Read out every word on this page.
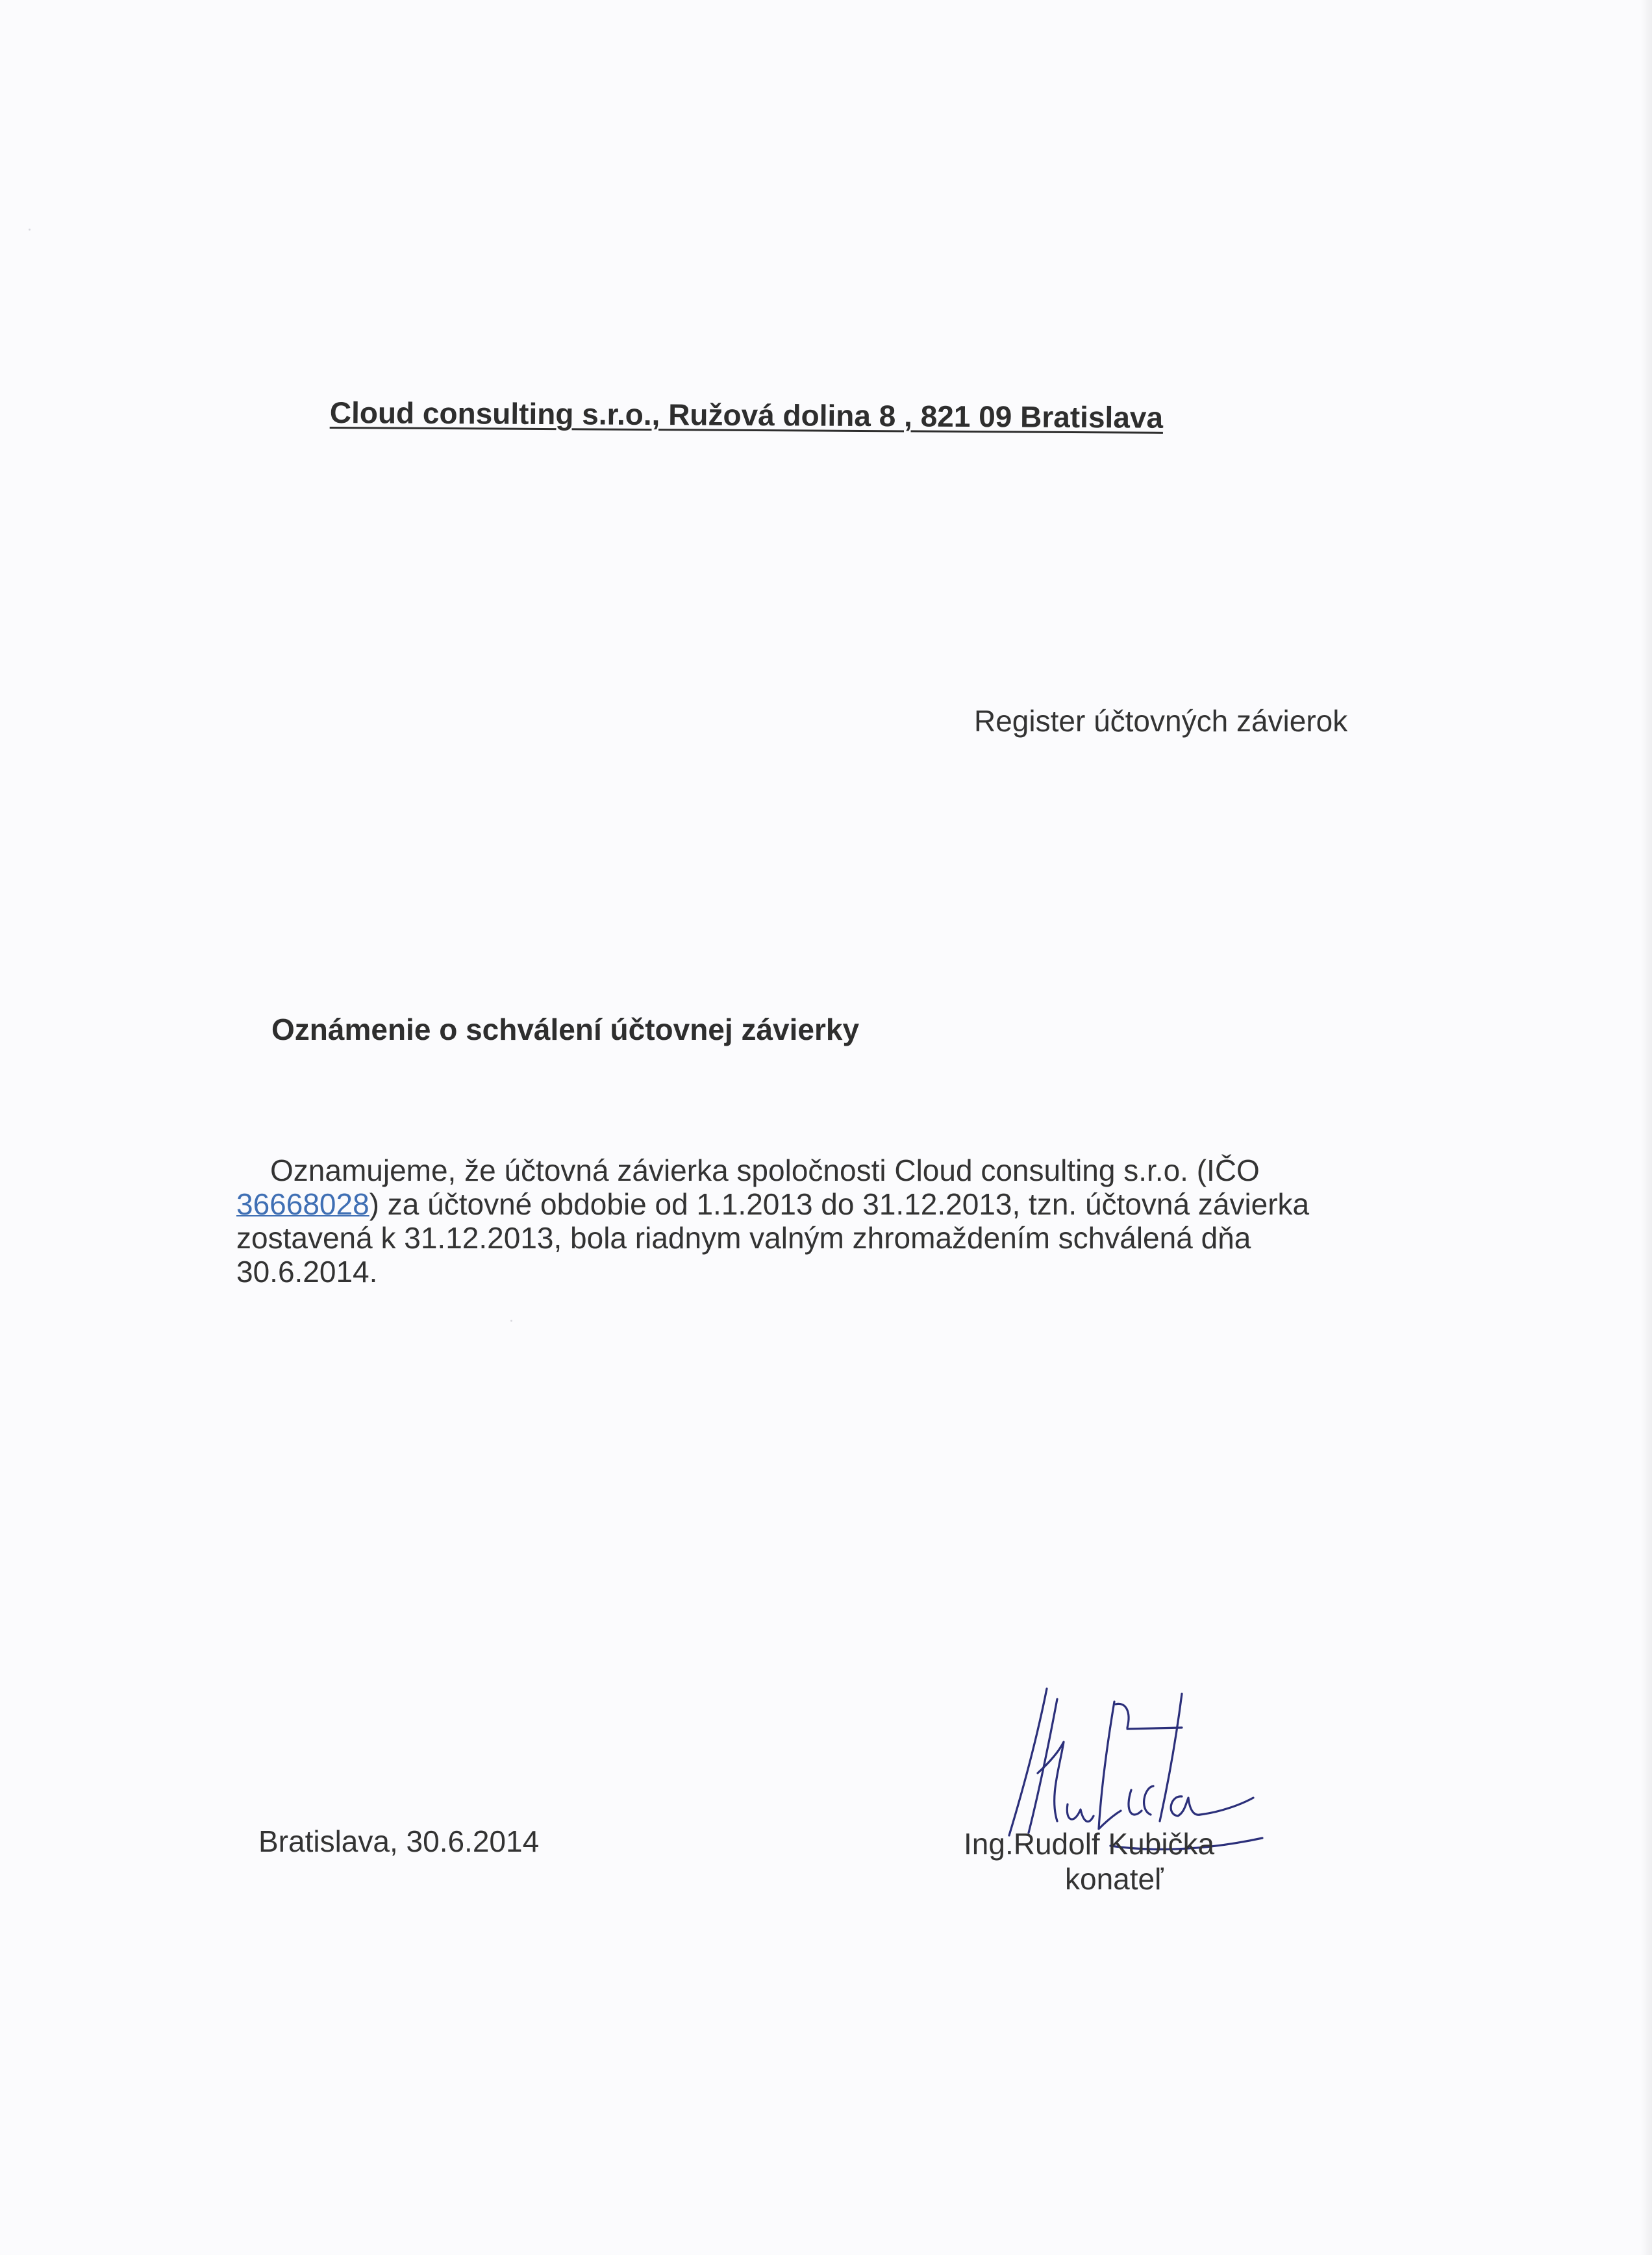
Cloud consulting s.r.o., Ružová dolina 8 , 821 09 Bratislava
Register účtovných závierok
Oznámenie o schválení účtovnej závierky
Oznamujeme, že účtovná závierka spoločnosti Cloud consulting s.r.o. (IČO
36668028) za účtovné obdobie od 1.1.2013 do 31.12.2013, tzn. účtovná závierka
zostavená k 31.12.2013, bola riadnym valným zhromaždením schválená dňa
30.6.2014.
Bratislava, 30.6.2014	Ing.Rudolf Kubička
konateľ
